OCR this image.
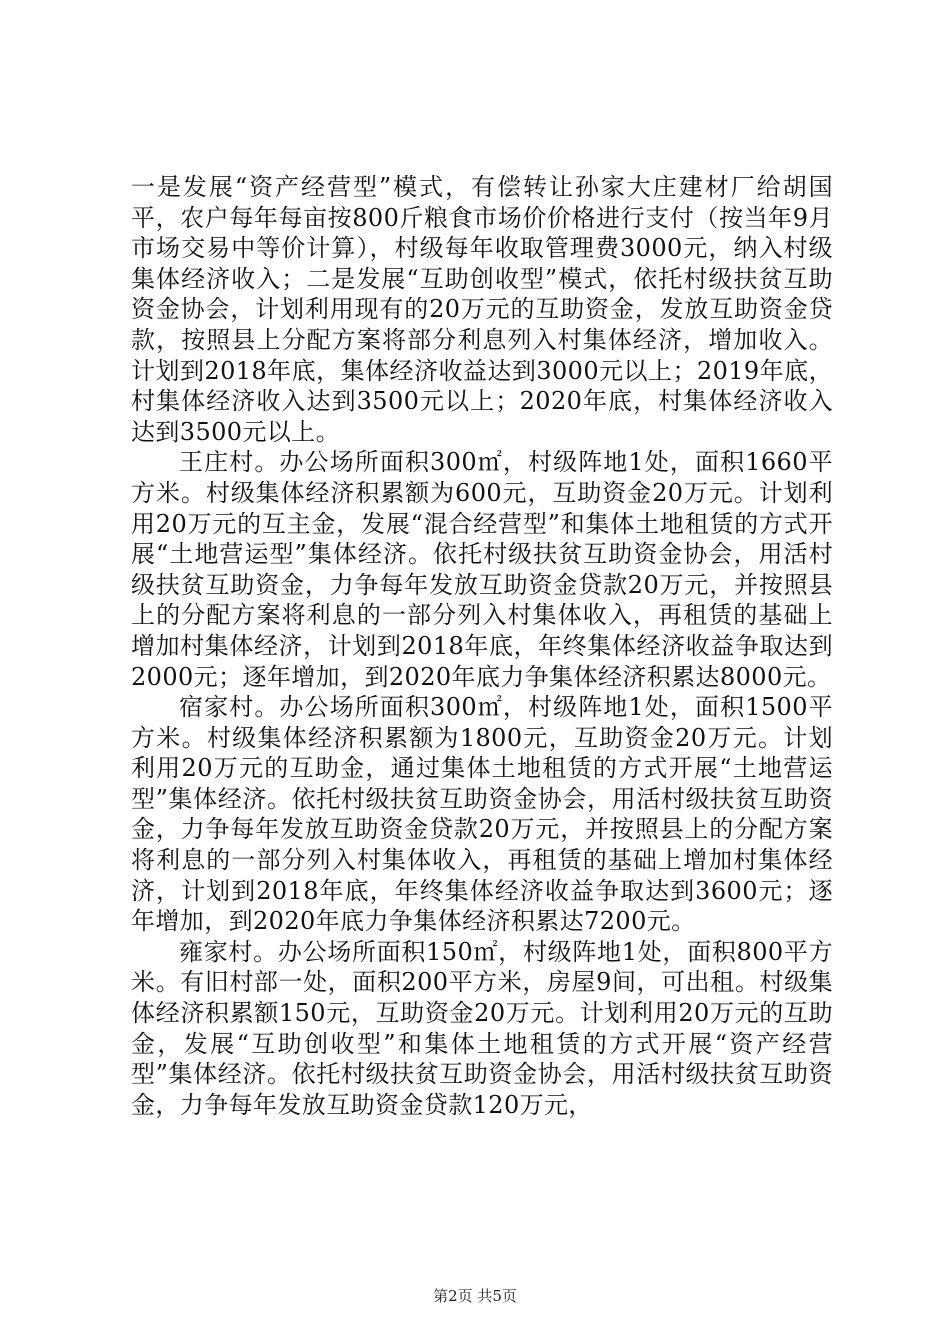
一是发展“资产经营型”模式，有偿转让孙家大庄建材厂给胡国平，农户每年每亩按800斤粮食市场价价格进行支付（按当年9月市场交易中等价计算），村级每年收取管理费3000元，纳入村级集体经济收入；二是发展“互助创收型”模式，依托村级扶贫互助资金协会，计划利用现有的20万元的互助资金，发放互助资金贷款，按照县上分配方案将部分利息列入村集体经济，增加收入。计划到2018年底，集体经济收益达到3000元以上；2019年底，村集体经济收入达到3500元以上；2020年底，村集体经济收入达到3500元以上。

王庄村。办公场所面积300㎡，村级阵地1处，面积1660平方米。村级集体经济积累额为600元，互助资金20万元。计划利用20万元的互主金，发展“混合经营型”和集体土地租赁的方式开展“土地营运型”集体经济。依托村级扶贫互助资金协会，用活村级扶贫互助资金，力争每年发放互助资金贷款20万元，并按照县上的分配方案将利息的一部分列入村集体收入，再租赁的基础上增加村集体经济，计划到2018年底，年终集体经济收益争取达到2000元；逐年增加，到2020年底力争集体经济积累达8000元。

宿家村。办公场所面积300㎡，村级阵地1处，面积1500平方米。村级集体经济积累额为1800元，互助资金20万元。计划利用20万元的互助金，通过集体土地租赁的方式开展“土地营运型”集体经济。依托村级扶贫互助资金协会，用活村级扶贫互助资金，力争每年发放互助资金贷款20万元，并按照县上的分配方案将利息的一部分列入村集体收入，再租赁的基础上增加村集体经济，计划到2018年底，年终集体经济收益争取达到3600元；逐年增加，到2020年底力争集体经济积累达7200元。

雍家村。办公场所面积150㎡，村级阵地1处，面积800平方米。有旧村部一处，面积200平方米，房屋9间，可出租。村级集体经济积累额150元，互助资金20万元。计划利用20万元的互助金，发展“互助创收型”和集体土地租赁的方式开展“资产经营型”集体经济。依托村级扶贫互助资金协会，用活村级扶贫互助资金，力争每年发放互助资金贷款120万元，

第2页 共5页
